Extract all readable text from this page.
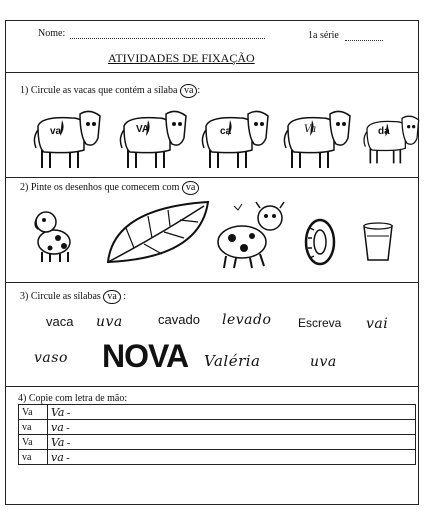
Nome:	1a série
ATIVIDADES DE FIXAÇÃO
1) Circule as vacas que contém a sílaba va :
va	VA	ca	Va	da
2) Pinte os desenhos que comecem com va
3) Circule as sílabas va :
vaca uva	cavado levado Escreva vai
vaso NOVA Valéria	uva
4) Copie com letra de mão:
Va	Va -
va	va -
Va	Va -
va	va -
